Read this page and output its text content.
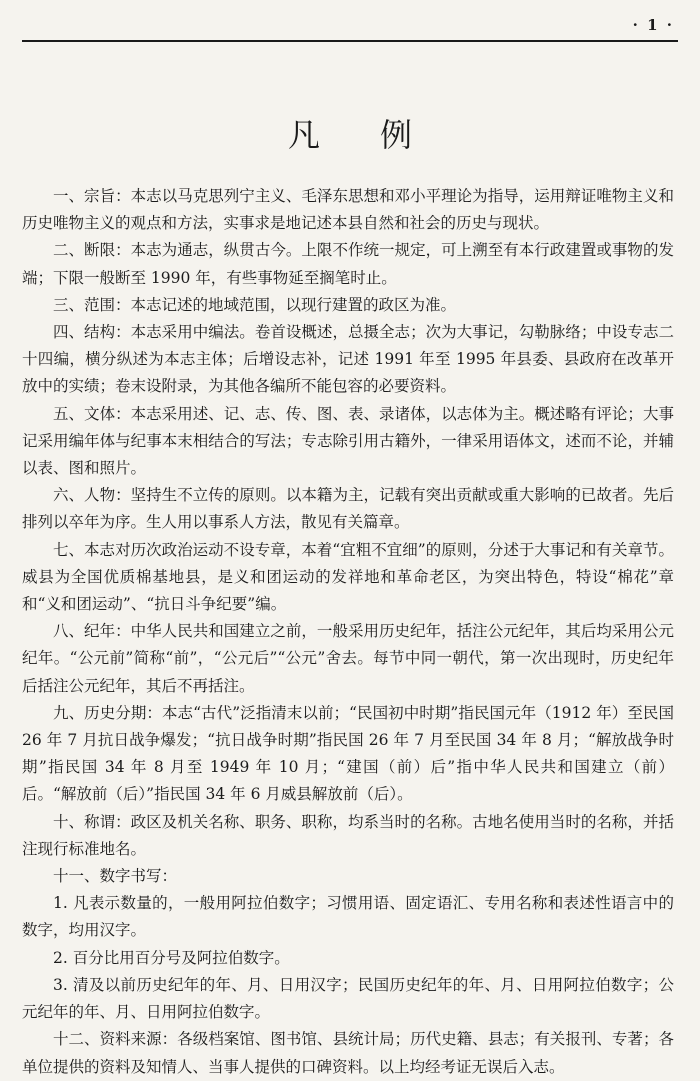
· 1 ·
凡例

一、宗旨：本志以马克思列宁主义、毛泽东思想和邓小平理论为指导，运用辩证唯物主义和历史唯物主义的观点和方法，实事求是地记述本县自然和社会的历史与现状。

二、断限：本志为通志，纵贯古今。上限不作统一规定，可上溯至有本行政建置或事物的发端；下限一般断至 1990 年，有些事物延至搁笔时止。

三、范围：本志记述的地域范围，以现行建置的政区为准。

四、结构：本志采用中编法。卷首设概述，总摄全志；次为大事记，勾勒脉络；中设专志二十四编，横分纵述为本志主体；后增设志补，记述 1991 年至 1995 年县委、县政府在改革开放中的实绩；卷末设附录，为其他各编所不能包容的必要资料。

五、文体：本志采用述、记、志、传、图、表、录诸体，以志体为主。概述略有评论；大事记采用编年体与纪事本末相结合的写法；专志除引用古籍外，一律采用语体文，述而不论，并辅以表、图和照片。

六、人物：坚持生不立传的原则。以本籍为主，记载有突出贡献或重大影响的已故者。先后排列以卒年为序。生人用以事系人方法，散见有关篇章。

七、本志对历次政治运动不设专章，本着“宜粗不宜细”的原则，分述于大事记和有关章节。威县为全国优质棉基地县，是义和团运动的发祥地和革命老区，为突出特色，特设“棉花”章和“义和团运动”、“抗日斗争纪要”编。

八、纪年：中华人民共和国建立之前，一般采用历史纪年，括注公元纪年，其后均采用公元纪年。“公元前”简称“前”，“公元后”“公元”舍去。每节中同一朝代，第一次出现时，历史纪年后括注公元纪年，其后不再括注。

九、历史分期：本志“古代”泛指清末以前；“民国初中时期”指民国元年（1912 年）至民国 26 年 7 月抗日战争爆发；“抗日战争时期”指民国 26 年 7 月至民国 34 年 8 月；“解放战争时期”指民国 34 年 8 月至 1949 年 10 月；“建国（前）后”指中华人民共和国建立（前）后。“解放前（后）”指民国 34 年 6 月威县解放前（后）。

十、称谓：政区及机关名称、职务、职称，均系当时的名称。古地名使用当时的名称，并括注现行标准地名。

十一、数字书写：

1. 凡表示数量的，一般用阿拉伯数字；习惯用语、固定语汇、专用名称和表述性语言中的数字，均用汉字。

2. 百分比用百分号及阿拉伯数字。

3. 清及以前历史纪年的年、月、日用汉字；民国历史纪年的年、月、日用阿拉伯数字；公元纪年的年、月、日用阿拉伯数字。

十二、资料来源：各级档案馆、图书馆、县统计局；历代史籍、县志；有关报刊、专著；各单位提供的资料及知情人、当事人提供的口碑资料。以上均经考证无误后入志。
